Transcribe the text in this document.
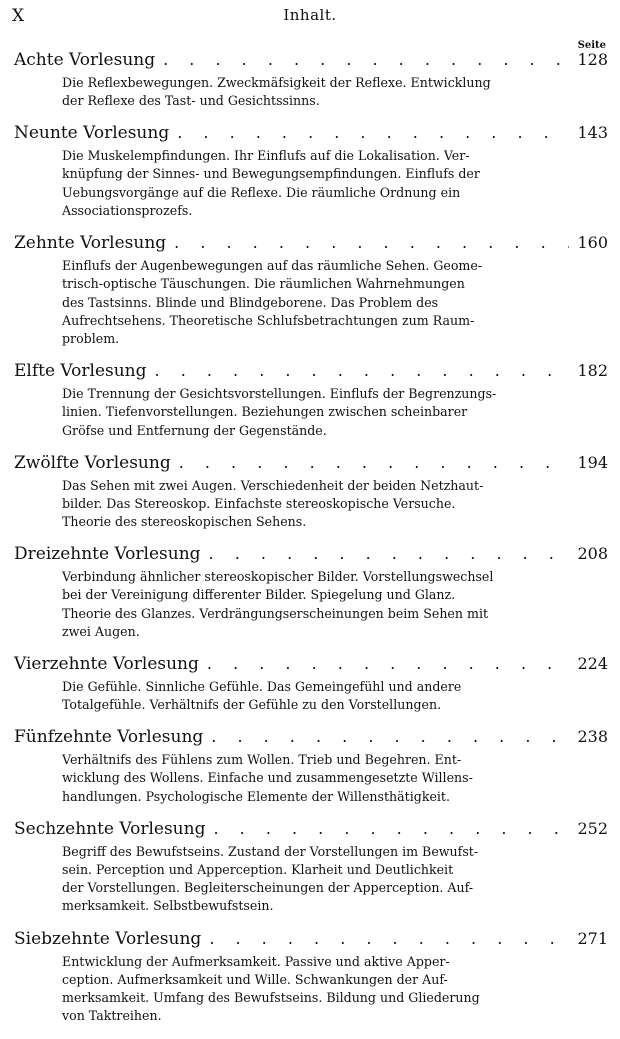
X	Inhalt.
Seite
Achte Vorlesung . . .	128
Die Reflexbewegungen. Zweckmäfsigkeit der Reflexe. Entwicklung
der Reflexe des Tast- und Gesichtssinns.
Neunte Vorlesung . . .	143
Die Muskelempfindungen. Ihr Einflufs auf die Lokalisation. Ver-
knüpfung der Sinnes- und Bewegungsempfindungen. Einflufs der
Uebungsvorgänge auf die Reflexe. Die räumliche Ordnung ein
Associationsprozefs.
Zehnte Vorlesung . . .	160
Einflufs der Augenbewegungen auf das räumliche Sehen. Geome-
trisch-optische Täuschungen. Die räumlichen Wahrnehmungen
des Tastsinns. Blinde und Blindgeborene. Das Problem des
Aufrechtsehens. Theoretische Schlufsbetrachtungen zum Raum-
problem.
Elfte Vorlesung . . .	182
Die Trennung der Gesichtsvorstellungen. Einflufs der Begrenzungs-
linien. Tiefenvorstellungen. Beziehungen zwischen scheinbarer
Gröfse und Entfernung der Gegenstände.
Zwölfte Vorlesung . . .	194
Das Sehen mit zwei Augen. Verschiedenheit der beiden Netzhaut-
bilder. Das Stereoskop. Einfachste stereoskopische Versuche.
Theorie des stereoskopischen Sehens.
Dreizehnte Vorlesung . . .	208
Verbindung ähnlicher stereoskopischer Bilder. Vorstellungswechsel
bei der Vereinigung differenter Bilder. Spiegelung und Glanz.
Theorie des Glanzes. Verdrängungserscheinungen beim Sehen mit
zwei Augen.
Vierzehnte Vorlesung . . .	224
Die Gefühle. Sinnliche Gefühle. Das Gemeingefühl und andere
Totalgefühle. Verhältnifs der Gefühle zu den Vorstellungen.
Fünfzehnte Vorlesung . . .	238
Verhältnifs des Fühlens zum Wollen. Trieb und Begehren. Ent-
wicklung des Wollens. Einfache und zusammengesetzte Willens-
handlungen. Psychologische Elemente der Willensthätigkeit.
Sechzehnte Vorlesung . . .	252
Begriff des Bewufstseins. Zustand der Vorstellungen im Bewufst-
sein. Perception und Apperception. Klarheit und Deutlichkeit
der Vorstellungen. Begleiterscheinungen der Apperception. Auf-
merksamkeit. Selbstbewufstsein.
Siebzehnte Vorlesung . . .	271
Entwicklung der Aufmerksamkeit. Passive und aktive Apper-
ception. Aufmerksamkeit und Wille. Schwankungen der Auf-
merksamkeit. Umfang des Bewufstseins. Bildung und Gliederung
von Taktreihen.
